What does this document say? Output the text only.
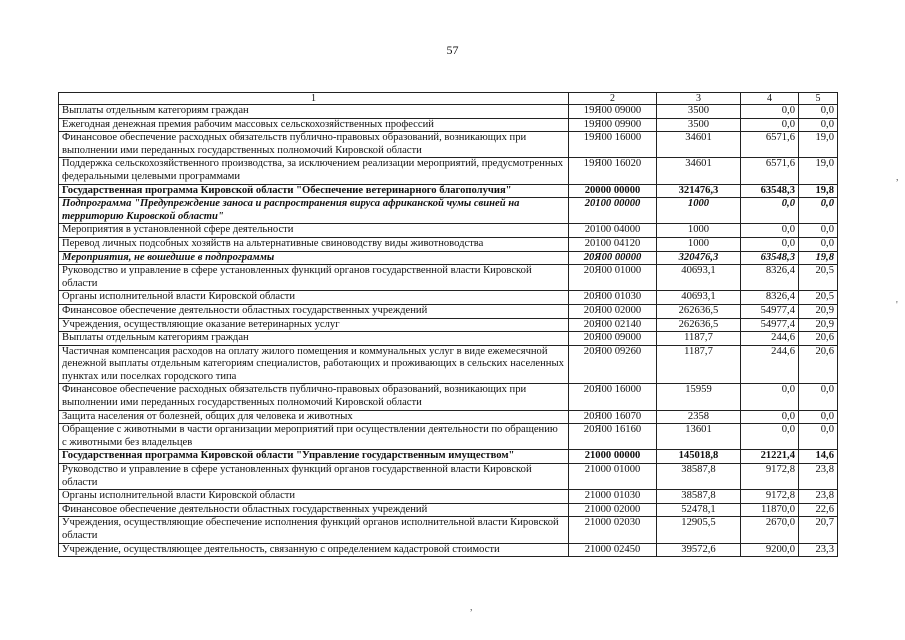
57
1	2	3	4	5
Выплаты отдельным категориям граждан	19Я00 09000	3500	0,0	0,0
Ежегодная денежная премия рабочим массовых сельскохозяйственных профессий	19Я00 09900	3500	0,0	0,0
Финансовое обеспечение расходных обязательств публично-правовых образований, возникающих при выполнении ими переданных государственных полномочий Кировской области	19Я00 16000	34601	6571,6	19,0
Поддержка сельскохозяйственного производства, за исключением реализации мероприятий, предусмотренных федеральными целевыми программами	19Я00 16020	34601	6571,6	19,0
Государственная программа Кировской области "Обеспечение ветеринарного благополучия"	20000 00000	321476,3	63548,3	19,8
Подпрограмма "Предупреждение заноса и распространения вируса африканской чумы свиней на территорию Кировской области"	20100 00000	1000	0,0	0,0
Мероприятия в установленной сфере деятельности	20100 04000	1000	0,0	0,0
Перевод личных подсобных хозяйств на альтернативные свиноводству виды животноводства	20100 04120	1000	0,0	0,0
Мероприятия, не вошедшие в подпрограммы	20Я00 00000	320476,3	63548,3	19,8
Руководство и управление в сфере установленных функций органов государственной власти Кировской области	20Я00 01000	40693,1	8326,4	20,5
Органы исполнительной власти Кировской области	20Я00 01030	40693,1	8326,4	20,5
Финансовое обеспечение деятельности областных государственных учреждений	20Я00 02000	262636,5	54977,4	20,9
Учреждения, осуществляющие оказание ветеринарных услуг	20Я00 02140	262636,5	54977,4	20,9
Выплаты отдельным категориям граждан	20Я00 09000	1187,7	244,6	20,6
Частичная компенсация расходов на оплату жилого помещения и коммунальных услуг в виде ежемесячной денежной выплаты отдельным категориям специалистов, работающих и проживающих в сельских населенных пунктах или поселках городского типа	20Я00 09260	1187,7	244,6	20,6
Финансовое обеспечение расходных обязательств публично-правовых образований, возникающих при выполнении ими переданных государственных полномочий Кировской области	20Я00 16000	15959	0,0	0,0
Защита населения от болезней, общих для человека и животных	20Я00 16070	2358	0,0	0,0
Обращение с животными в части организации мероприятий при осуществлении деятельности по обращению с животными без владельцев	20Я00 16160	13601	0,0	0,0
Государственная программа Кировской области "Управление государственным имуществом"	21000 00000	145018,8	21221,4	14,6
Руководство и управление в сфере установленных функций органов государственной власти Кировской области	21000 01000	38587,8	9172,8	23,8
Органы исполнительной власти Кировской области	21000 01030	38587,8	9172,8	23,8
Финансовое обеспечение деятельности областных государственных учреждений	21000 02000	52478,1	11870,0	22,6
Учреждения, осуществляющие обеспечение исполнения функций органов исполнительной власти Кировской области	21000 02030	12905,5	2670,0	20,7
Учреждение, осуществляющее деятельность, связанную с определением кадастровой стоимости	21000 02450	39572,6	9200,0	23,3
,
'
,
